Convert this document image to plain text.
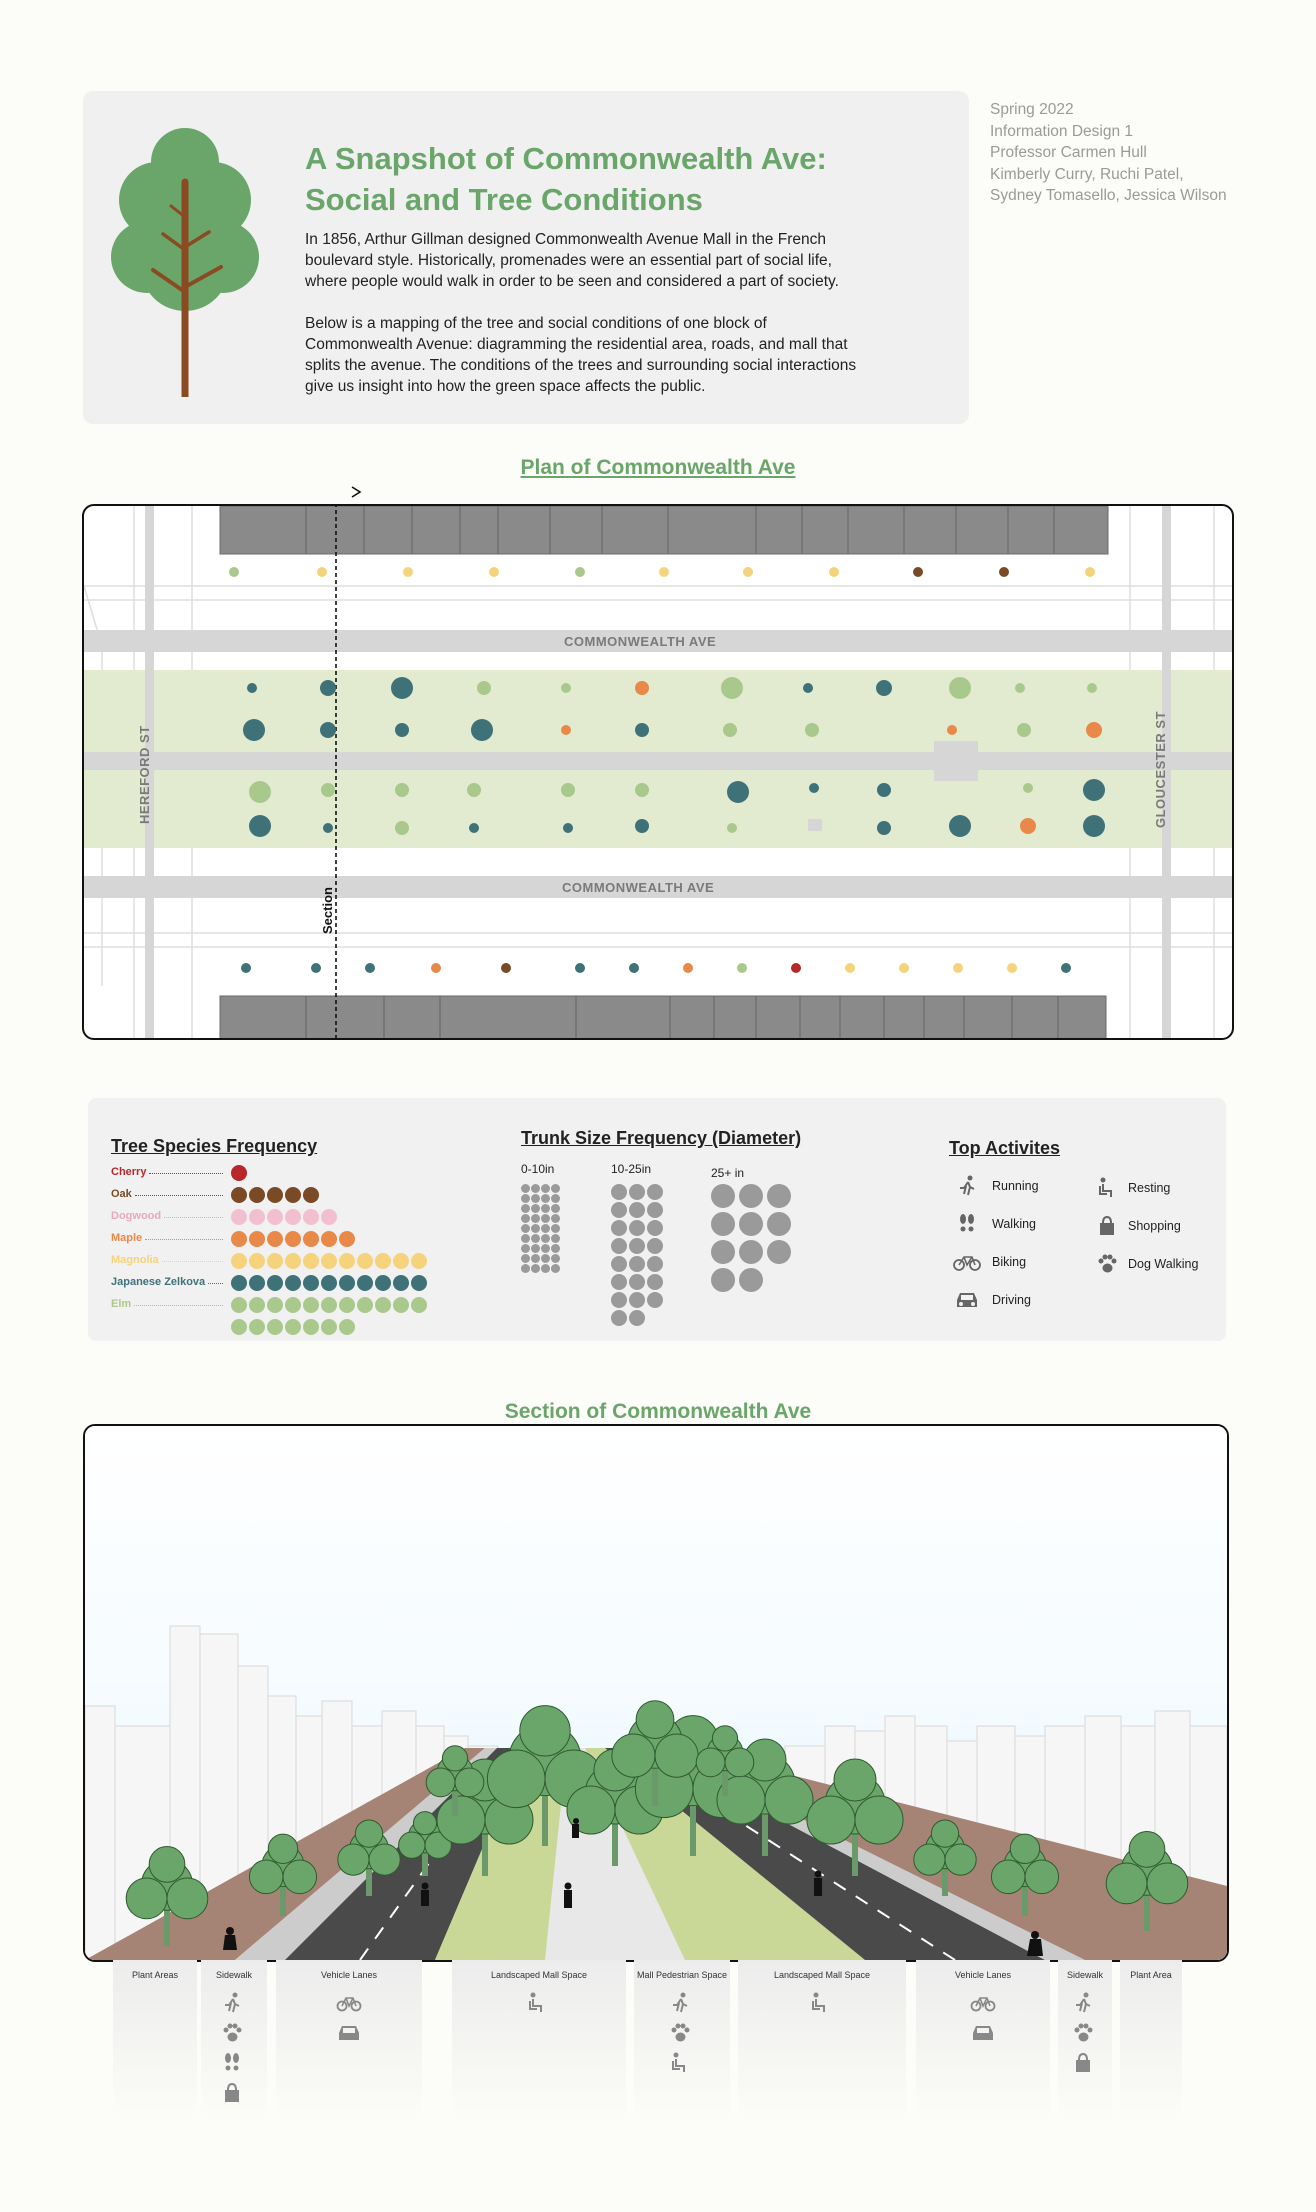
A Snapshot of Commonwealth Ave:
Social and Tree Conditions

In 1856, Arthur Gillman designed Commonwealth Avenue Mall in the French boulevard style. Historically, promenades were an essential part of social life, where people would walk in order to be seen and considered a part of society.

Below is a mapping of the tree and social conditions of one block of Commonwealth Avenue: diagramming the residential area, roads, and mall that splits the avenue. The conditions of the trees and surrounding social interactions give us insight into how the green space affects the public.

Spring 2022
Information Design 1
Professor Carmen Hull
Kimberly Curry, Ruchi Patel,
Sydney Tomasello, Jessica Wilson
Plan of Commonwealth Ave
COMMONWEALTH AVE
COMMONWEALTH AVE
HEREFORD ST	GLOUCESTER ST
Section
Tree Species Frequency
Cherry
Oak
Dogwood
Maple
Magnolia
Japanese Zelkova
Elm
Trunk Size Frequency (Diameter)
0-10in	10-25in	25+ in
Top Activites
Running
Walking
Biking
Driving
Resting
Shopping
Dog Walking
Section of Commonwealth Ave
Plant Areas	Sidewalk	Vehicle Lanes	Landscaped Mall Space	Mall Pedestrian Space	Landscaped Mall Space	Vehicle Lanes	Sidewalk	Plant Area
